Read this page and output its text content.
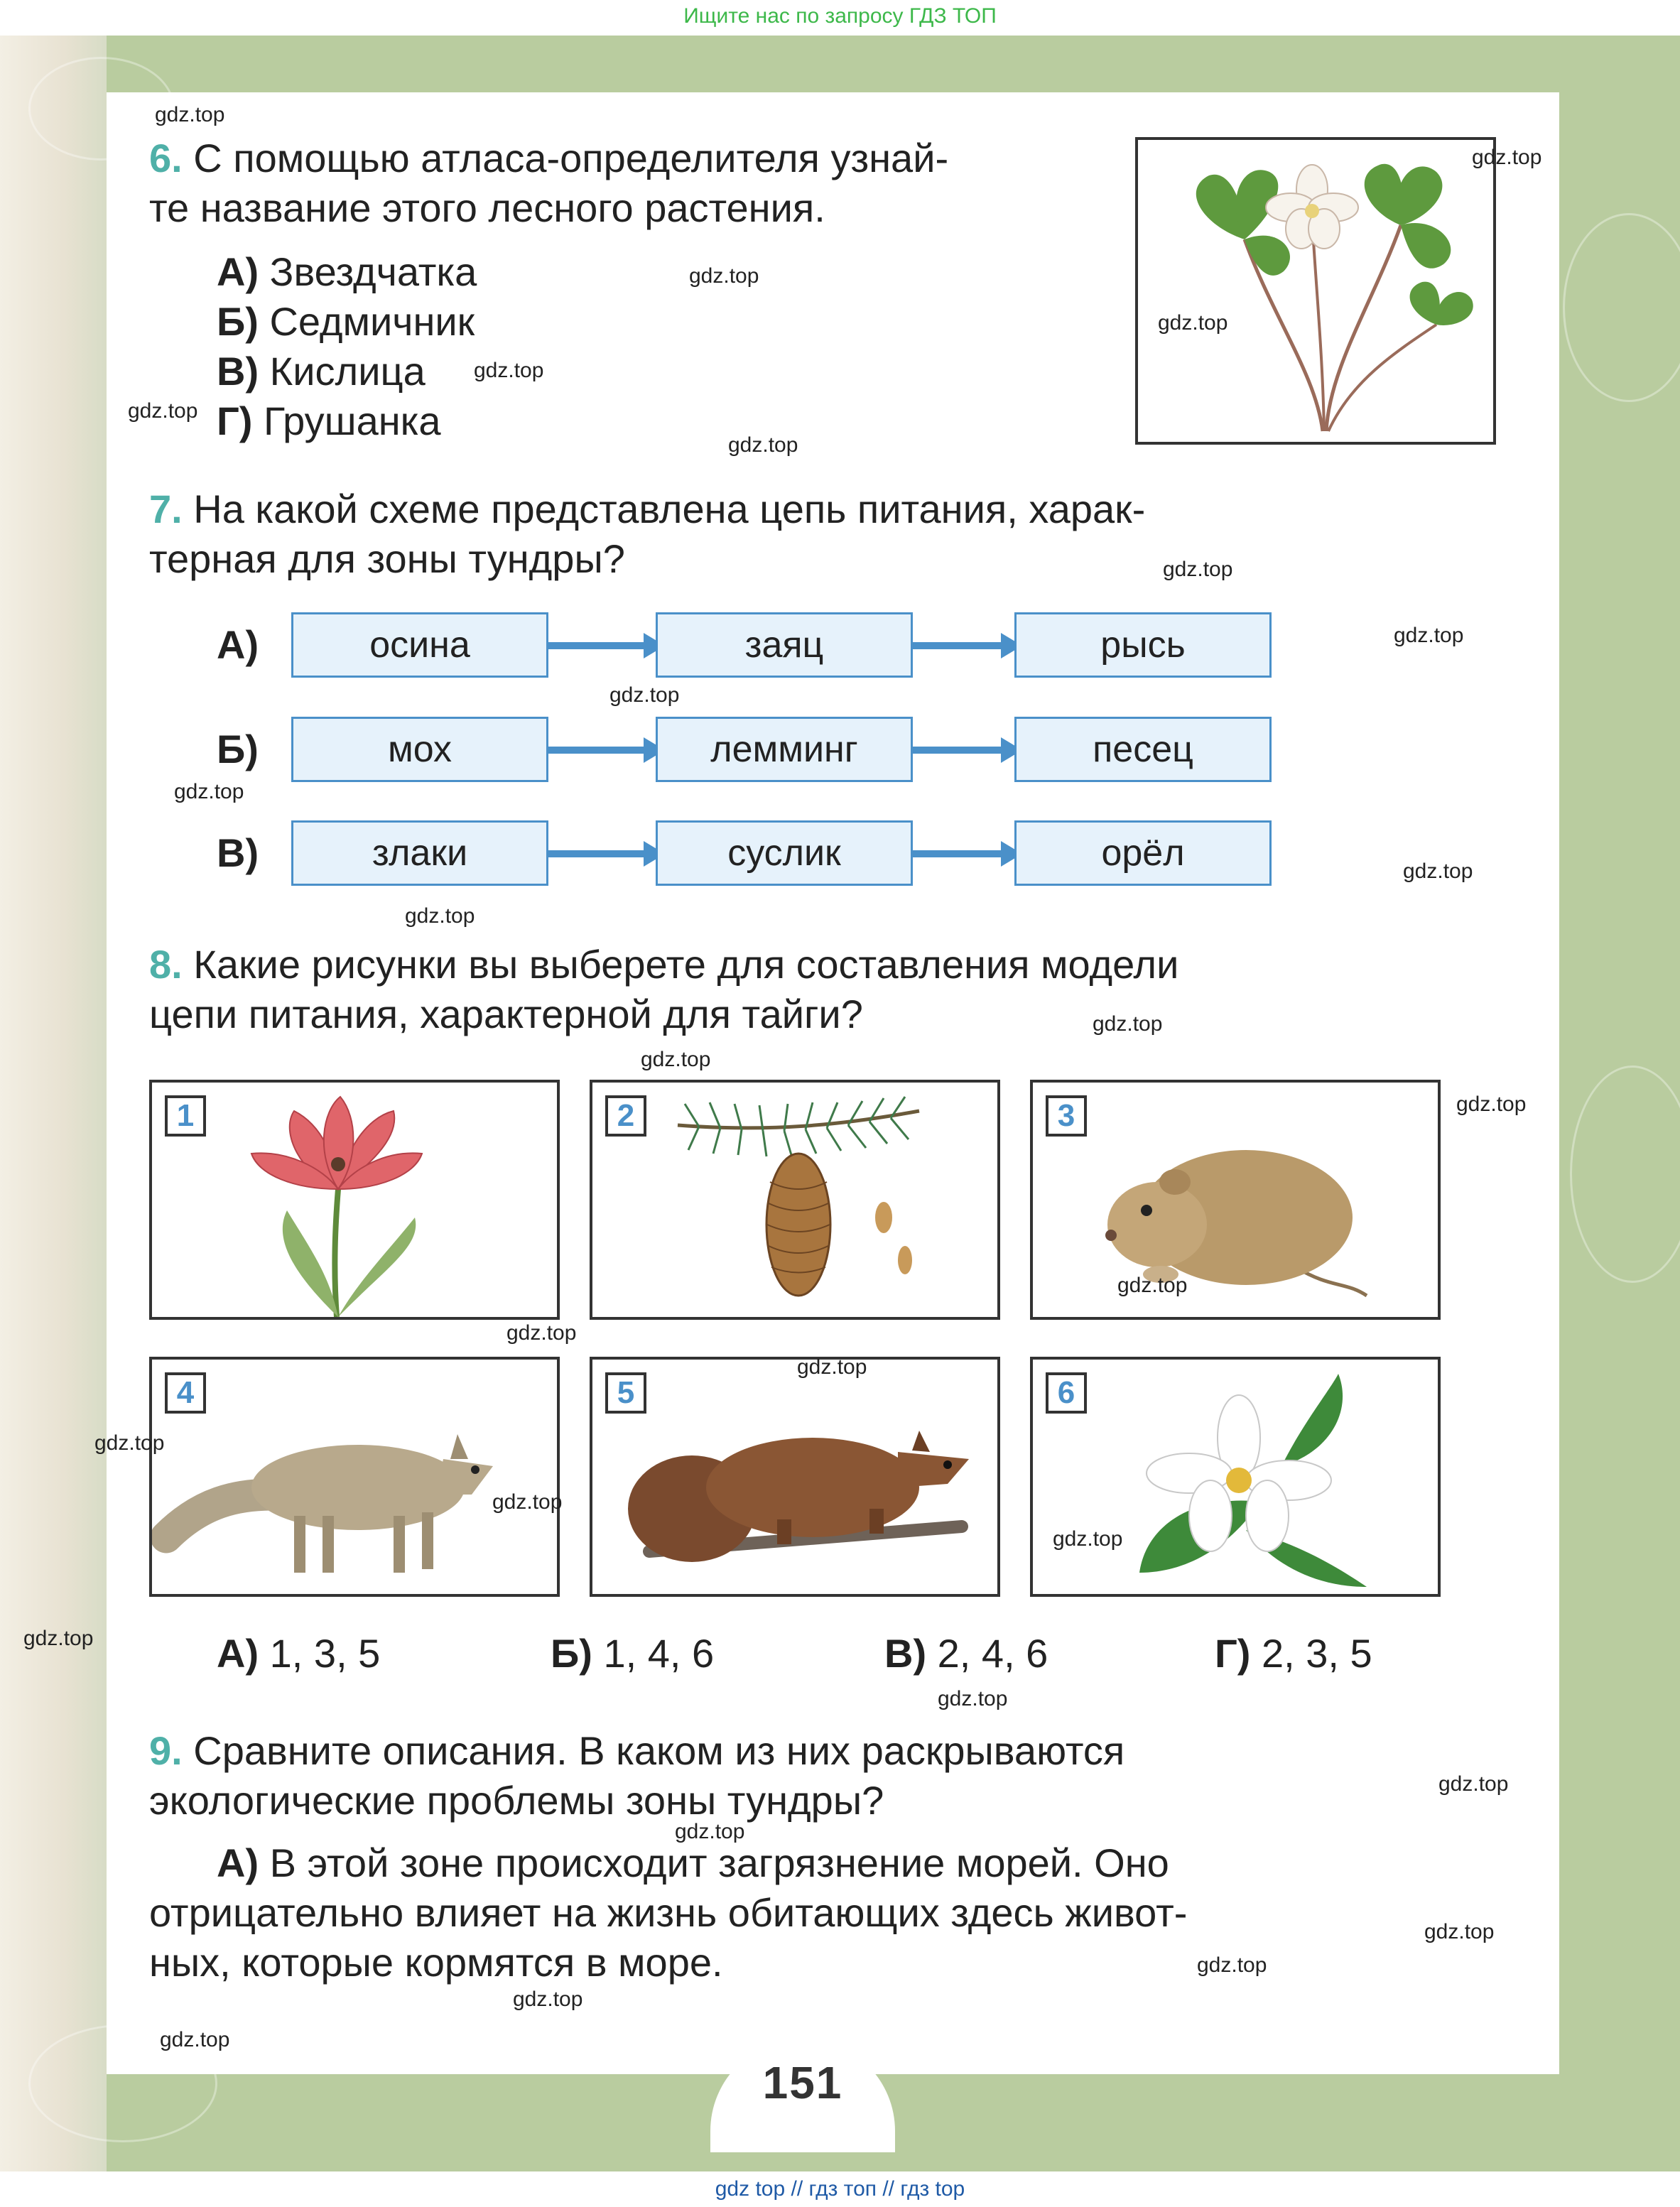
Ищите нас по запросу ГДЗ ТОП
151
6. С помощью атласа-определителя узнай-
те название этого лесного растения.
А) Звездчатка
Б) Седмичник
В) Кислица
Г) Грушанка
7. На какой схеме представлена цепь питания, харак-
терная для зоны тундры?
А)	осина	заяц	рысь
Б)	мох	лемминг	песец
В)	злаки	суслик	орёл
8. Какие рисунки вы выберете для составления модели
цепи питания, характерной для тайги?
1	2	3
4	5	6
А) 1, 3, 5	Б) 1, 4, 6	В) 2, 4, 6	Г) 2, 3, 5
9. Сравните описания. В каком из них раскрываются
экологические проблемы зоны тундры?
А) В этой зоне происходит загрязнение морей. Оно
отрицательно влияет на жизнь обитающих здесь живот-
ных, которые кормятся в море.
gdz.top
gdz.top
gdz.top
gdz.top
gdz.top
gdz.top
gdz.top
gdz.top
gdz.top
gdz.top
gdz.top
gdz.top
gdz.top
gdz.top
gdz.top
gdz.top
gdz.top
gdz.top
gdz.top
gdz.top
gdz.top
gdz.top
gdz.top
gdz.top
gdz.top
gdz.top
gdz.top
gdz.top
gdz.top
gdz.top
gdz top // гдз топ // гдз top
